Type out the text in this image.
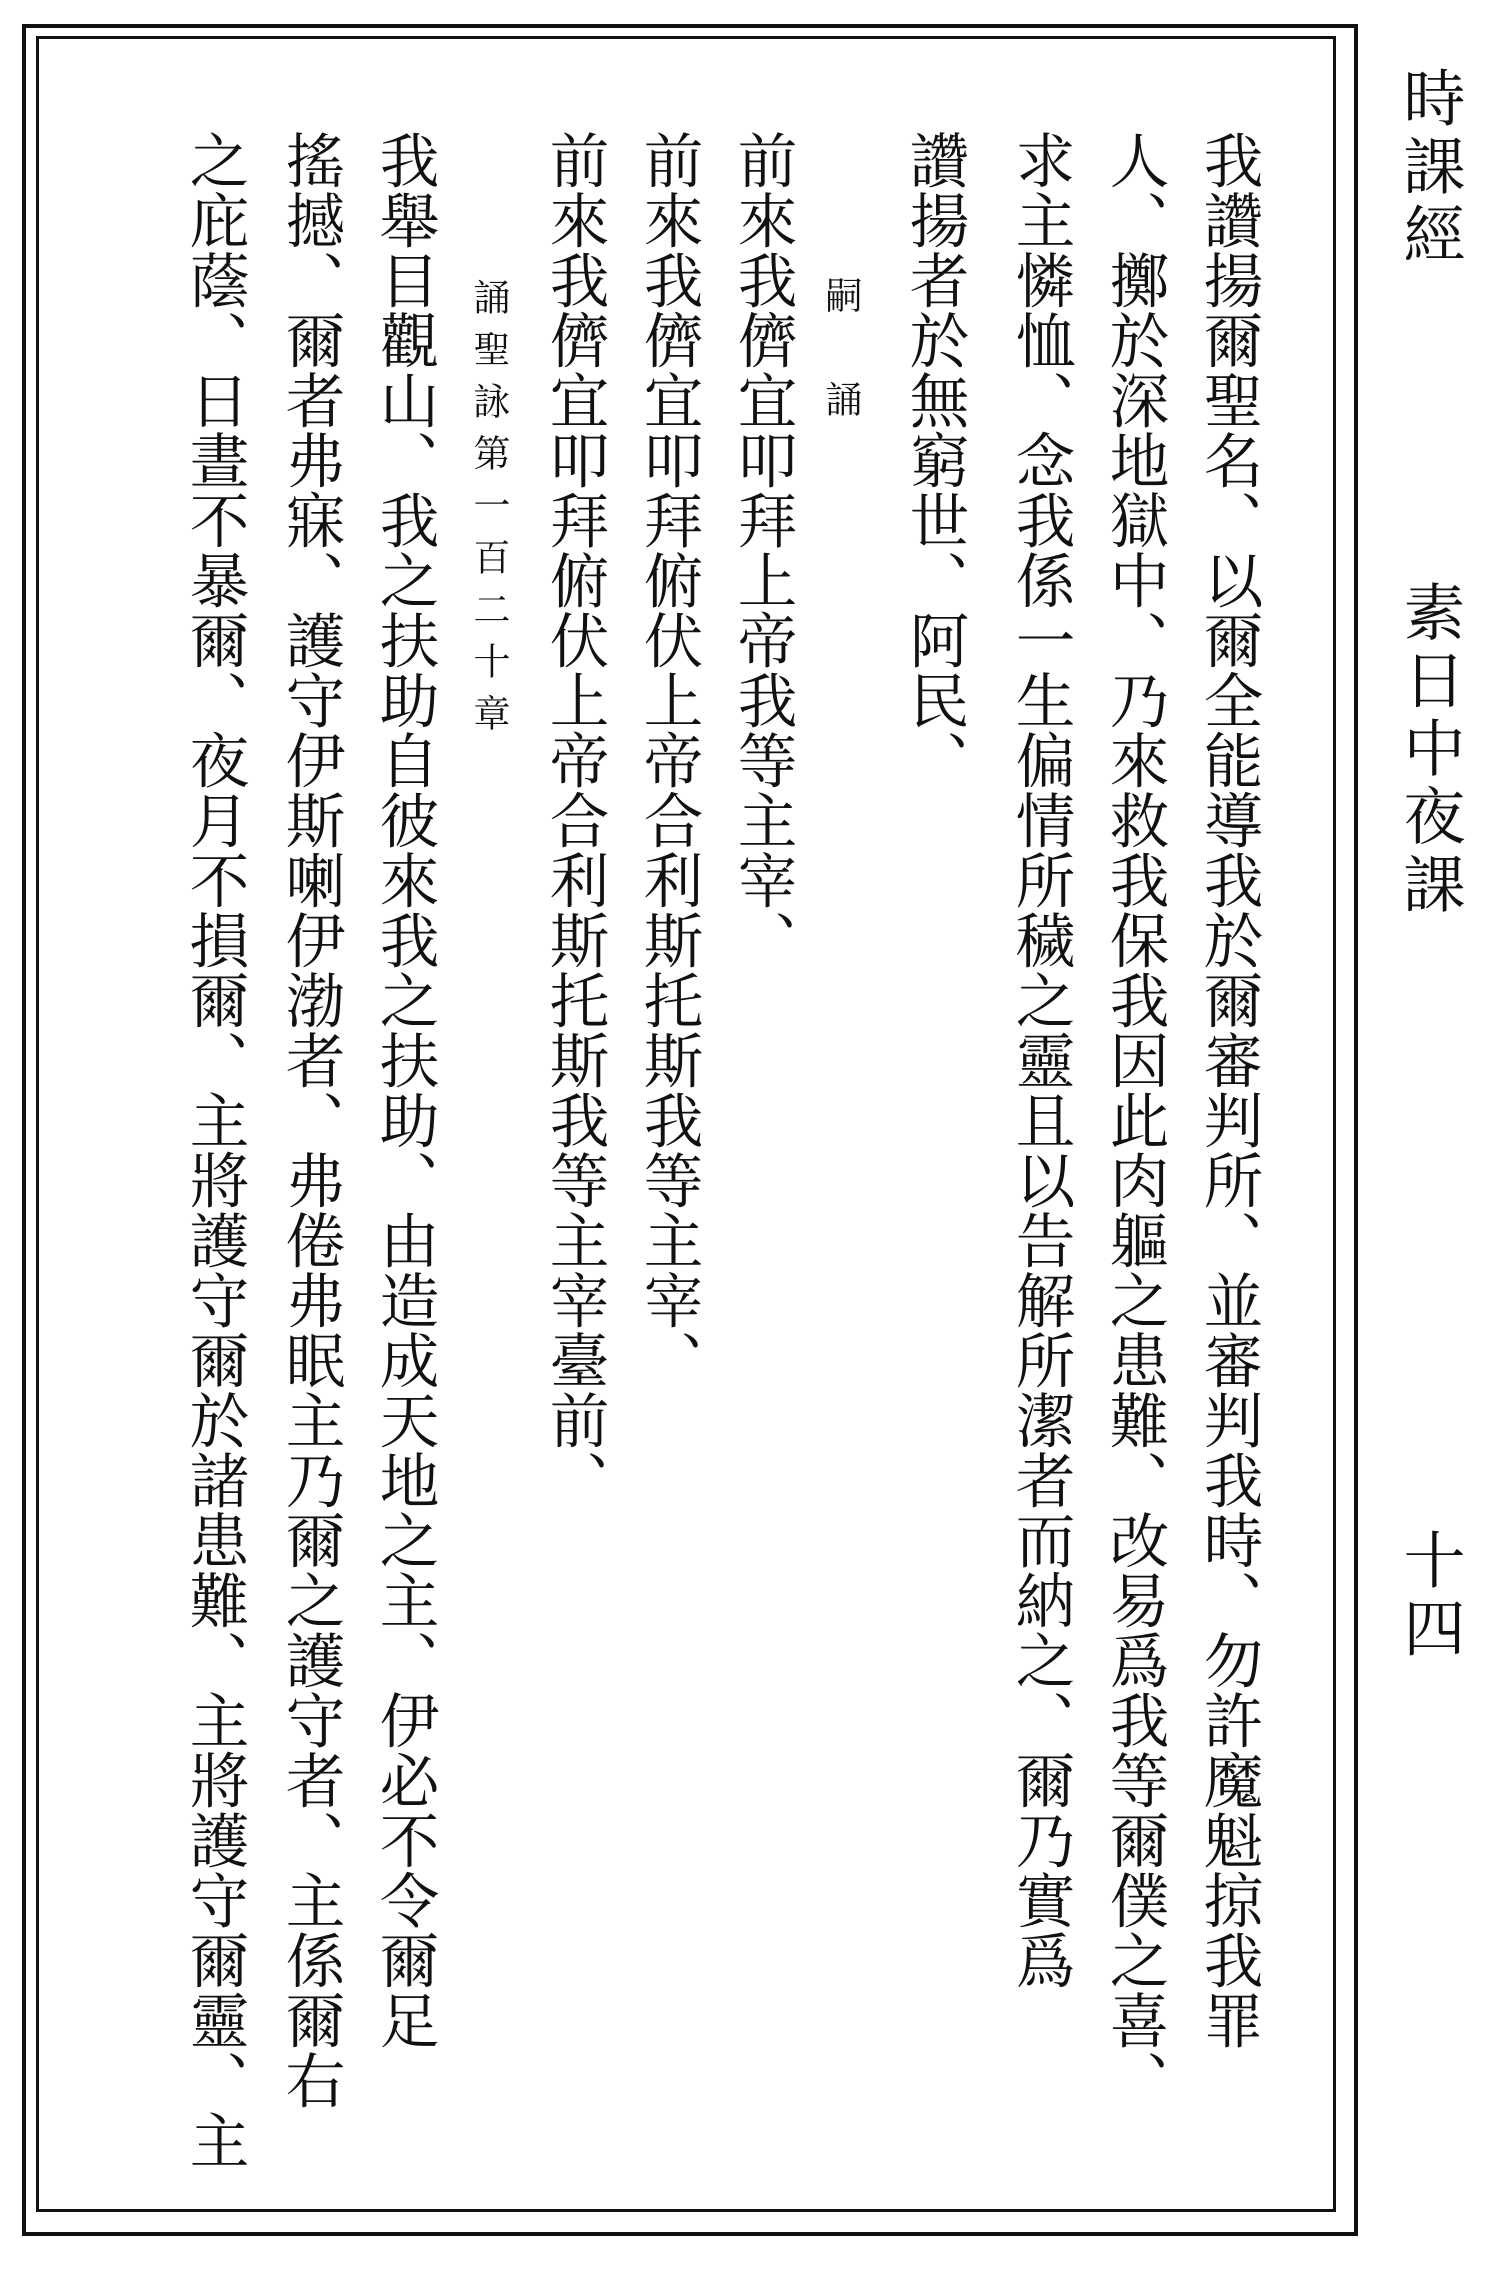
我讚揚爾聖名、以爾全能導我於爾審判所、並審判我時、勿許魔魁掠我罪
人、擲於深地獄中、乃來救我保我因此肉軀之患難、改易爲我等爾僕之喜、
求主憐恤、念我係一生偏情所穢之靈且以告解所潔者而納之、爾乃實爲
讚揚者於無窮世、阿民、
嗣　誦
前來我儕宜叩拜上帝我等主宰、
前來我儕宜叩拜俯伏上帝合利斯托斯我等主宰、
前來我儕宜叩拜俯伏上帝合利斯托斯我等主宰臺前、
誦聖詠第一百二十章
我舉目觀山、我之扶助自彼來我之扶助、由造成天地之主、伊必不令爾足
搖撼、爾者弗寐、護守伊斯喇伊渤者、弗倦弗眠主乃爾之護守者、主係爾右
之庇蔭、日晝不暴爾、夜月不損爾、主將護守爾於諸患難、主將護守爾靈、主	時課經
素日中夜課
十四
